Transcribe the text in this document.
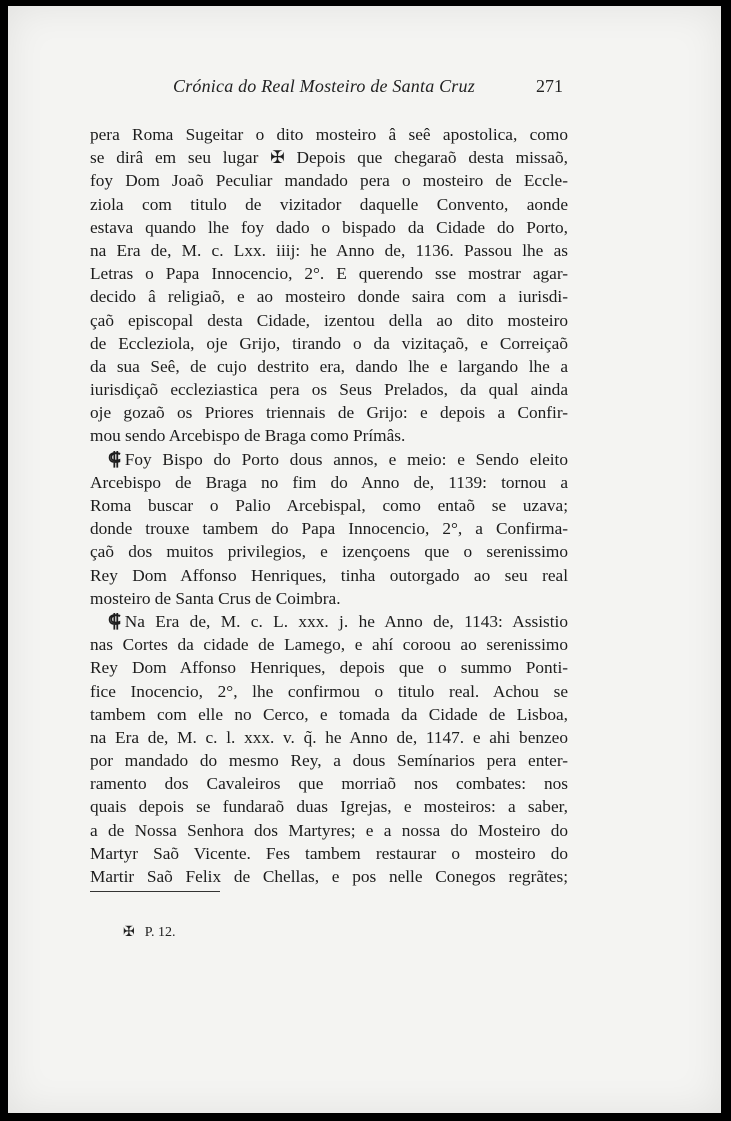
Crónica do Real Mosteiro de Santa Cruz	271

pera Roma Sugeitar o dito mosteiro â seê apostolica, como
se dirâ em seu lugar ✠ Depois que chegaraõ desta missaõ,
foy Dom Joaõ Peculiar mandado pera o mosteiro de Eccle-
ziola com titulo de vizitador daquelle Convento, aonde
estava quando lhe foy dado o bispado da Cidade do Porto,
na Era de, M. c. Lxx. iiij: he Anno de, 1136. Passou lhe as
Letras o Papa Innocencio, 2°. E querendo sse mostrar agar-
decido â religiaõ, e ao mosteiro donde saira com a iurisdi-
çaõ episcopal desta Cidade, izentou della ao dito mosteiro
de Eccleziola, oje Grijo, tirando o da vizitaçaõ, e Correiçaõ
da sua Seê, de cujo destrito era, dando lhe e largando lhe a
iurisdiçaõ eccleziastica pera os Seus Prelados, da qual ainda
oje gozaõ os Priores triennais de Grijo: e depois a Confir-
mou sendo Arcebispo de Braga como Prímâs.

⸿ Foy Bispo do Porto dous annos, e meio: e Sendo eleito
Arcebispo de Braga no fim do Anno de, 1139: tornou a
Roma buscar o Palio Arcebispal, como entaõ se uzava;
donde trouxe tambem do Papa Innocencio, 2°, a Confirma-
çaõ dos muitos privilegios, e izençoens que o serenissimo
Rey Dom Affonso Henriques, tinha outorgado ao seu real
mosteiro de Santa Crus de Coimbra.

⸿ Na Era de, M. c. L. xxx. j. he Anno de, 1143: Assistio
nas Cortes da cidade de Lamego, e ahí coroou ao serenissimo
Rey Dom Affonso Henriques, depois que o summo Ponti-
fice Inocencio, 2°, lhe confirmou o titulo real. Achou se
tambem com elle no Cerco, e tomada da Cidade de Lisboa,
na Era de, M. c. l. xxx. v. q̃. he Anno de, 1147. e ahi benzeo
por mandado do mesmo Rey, a dous Semínarios pera enter-
ramento dos Cavaleiros que morriaõ nos combates: nos
quais depois se fundaraõ duas Igrejas, e mosteiros: a saber,
a de Nossa Senhora dos Martyres; e a nossa do Mosteiro do
Martyr Saõ Vicente. Fes tambem restaurar o mosteiro do
Martir Saõ Felix de Chellas, e pos nelle Conegos regrãtes;

✠ P. 12.
